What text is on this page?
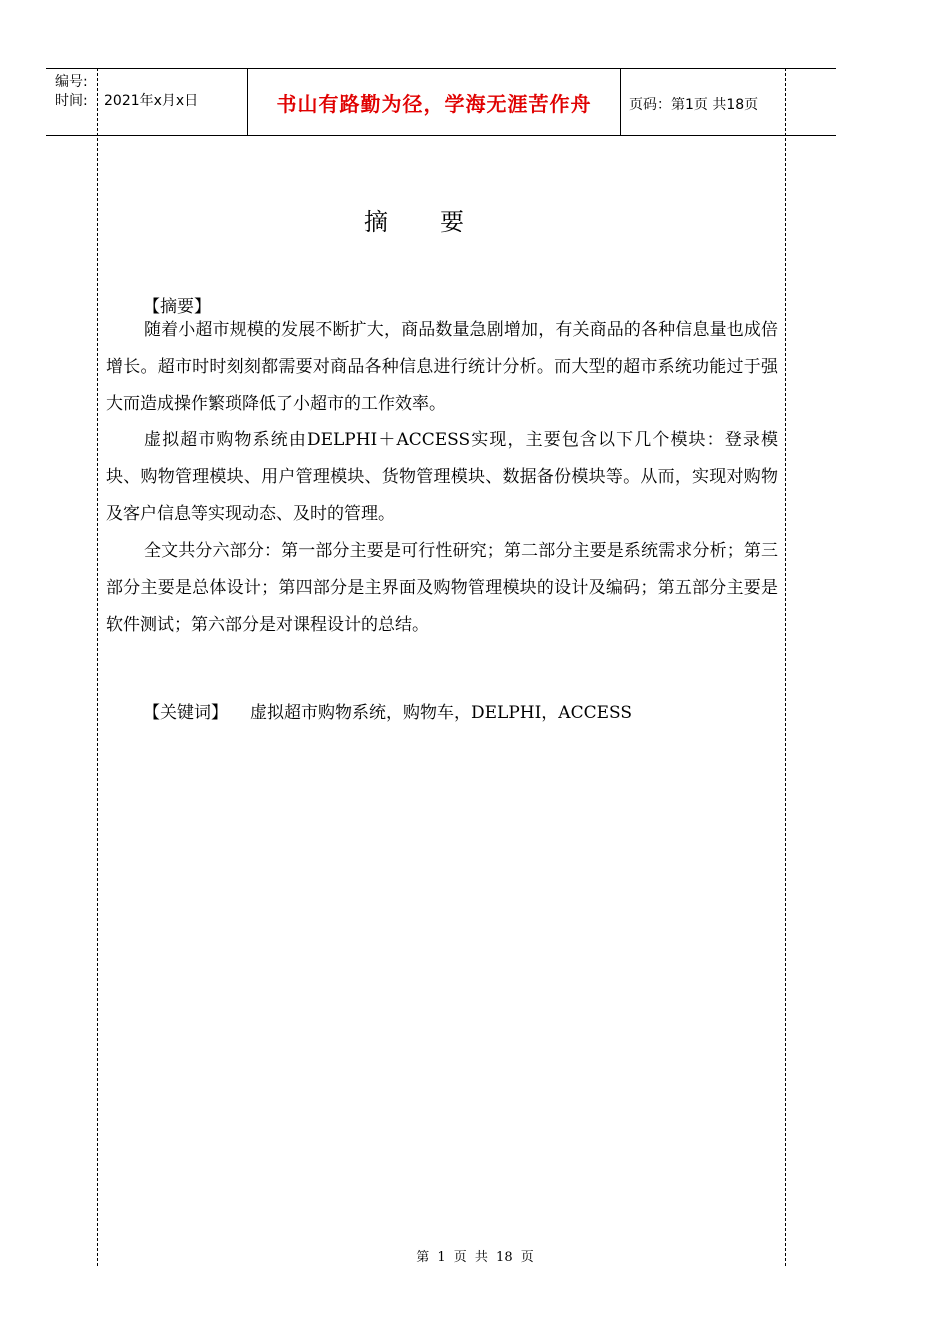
编号:
时间: 2021年x月x日	书山有路勤为径，学海无涯苦作舟	页码：第1页 共18页
摘要
【摘要】

随着小超市规模的发展不断扩大，商品数量急剧增加，有关商品的各种信息量也成倍增长。超市时时刻刻都需要对商品各种信息进行统计分析。而大型的超市系统功能过于强大而造成操作繁琐降低了小超市的工作效率。

虚拟超市购物系统由DELPHI＋ACCESS实现，主要包含以下几个模块：登录模块、购物管理模块、用户管理模块、货物管理模块、数据备份模块等。从而，实现对购物及客户信息等实现动态、及时的管理。

全文共分六部分：第一部分主要是可行性研究；第二部分主要是系统需求分析；第三部分主要是总体设计；第四部分是主界面及购物管理模块的设计及编码；第五部分主要是软件测试；第六部分是对课程设计的总结。

【关键词】 虚拟超市购物系统，购物车，DELPHI，ACCESS
第 1 页 共 18 页
